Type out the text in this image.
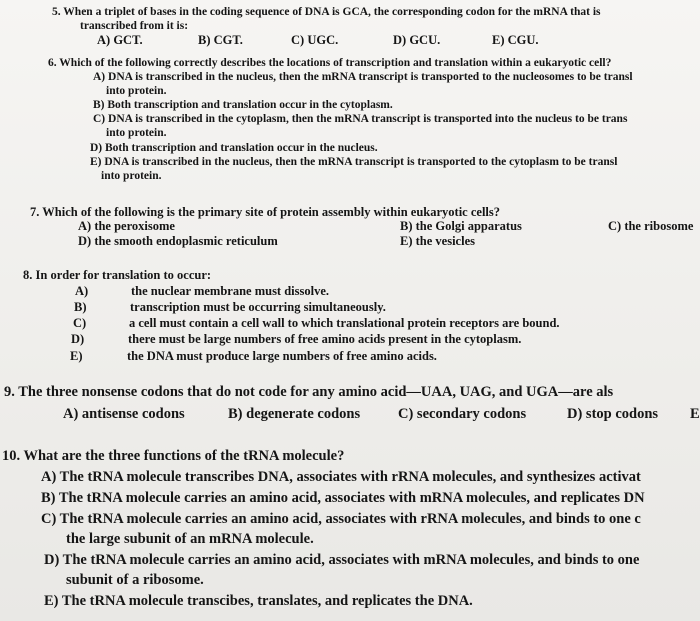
5. When a triplet of bases in the coding sequence of DNA is GCA, the corresponding codon for the mRNA that is
transcribed from it is:
A) GCT.	B) CGT.	C) UGC.	D) GCU.	E) CGU.
6. Which of the following correctly describes the locations of transcription and translation within a eukaryotic cell?
A) DNA is transcribed in the nucleus, then the mRNA transcript is transported to the nucleosomes to be transl
into protein.
B) Both transcription and translation occur in the cytoplasm.
C) DNA is transcribed in the cytoplasm, then the mRNA transcript is transported into the nucleus to be trans
into protein.
D) Both transcription and translation occur in the nucleus.
E) DNA is transcribed in the nucleus, then the mRNA transcript is transported to the cytoplasm to be transl
into protein.
7. Which of the following is the primary site of protein assembly within eukaryotic cells?
A) the peroxisome	B) the Golgi apparatus	C) the ribosome
D) the smooth endoplasmic reticulum	E) the vesicles
8. In order for translation to occur:
A)	the nuclear membrane must dissolve.
B)	transcription must be occurring simultaneously.
C)	a cell must contain a cell wall to which translational protein receptors are bound.
D)	there must be large numbers of free amino acids present in the cytoplasm.
E)	the DNA must produce large numbers of free amino acids.
9. The three nonsense codons that do not code for any amino acid—UAA, UAG, and UGA—are als
A) antisense codons	B) degenerate codons	C) secondary codons	D) stop codons E
10. What are the three functions of the tRNA molecule?
A) The tRNA molecule transcribes DNA, associates with rRNA molecules, and synthesizes activat
B) The tRNA molecule carries an amino acid, associates with mRNA molecules, and replicates DN
C) The tRNA molecule carries an amino acid, associates with rRNA molecules, and binds to one c
the large subunit of an mRNA molecule.
D) The tRNA molecule carries an amino acid, associates with mRNA molecules, and binds to one
subunit of a ribosome.
E) The tRNA molecule transcibes, translates, and replicates the DNA.
